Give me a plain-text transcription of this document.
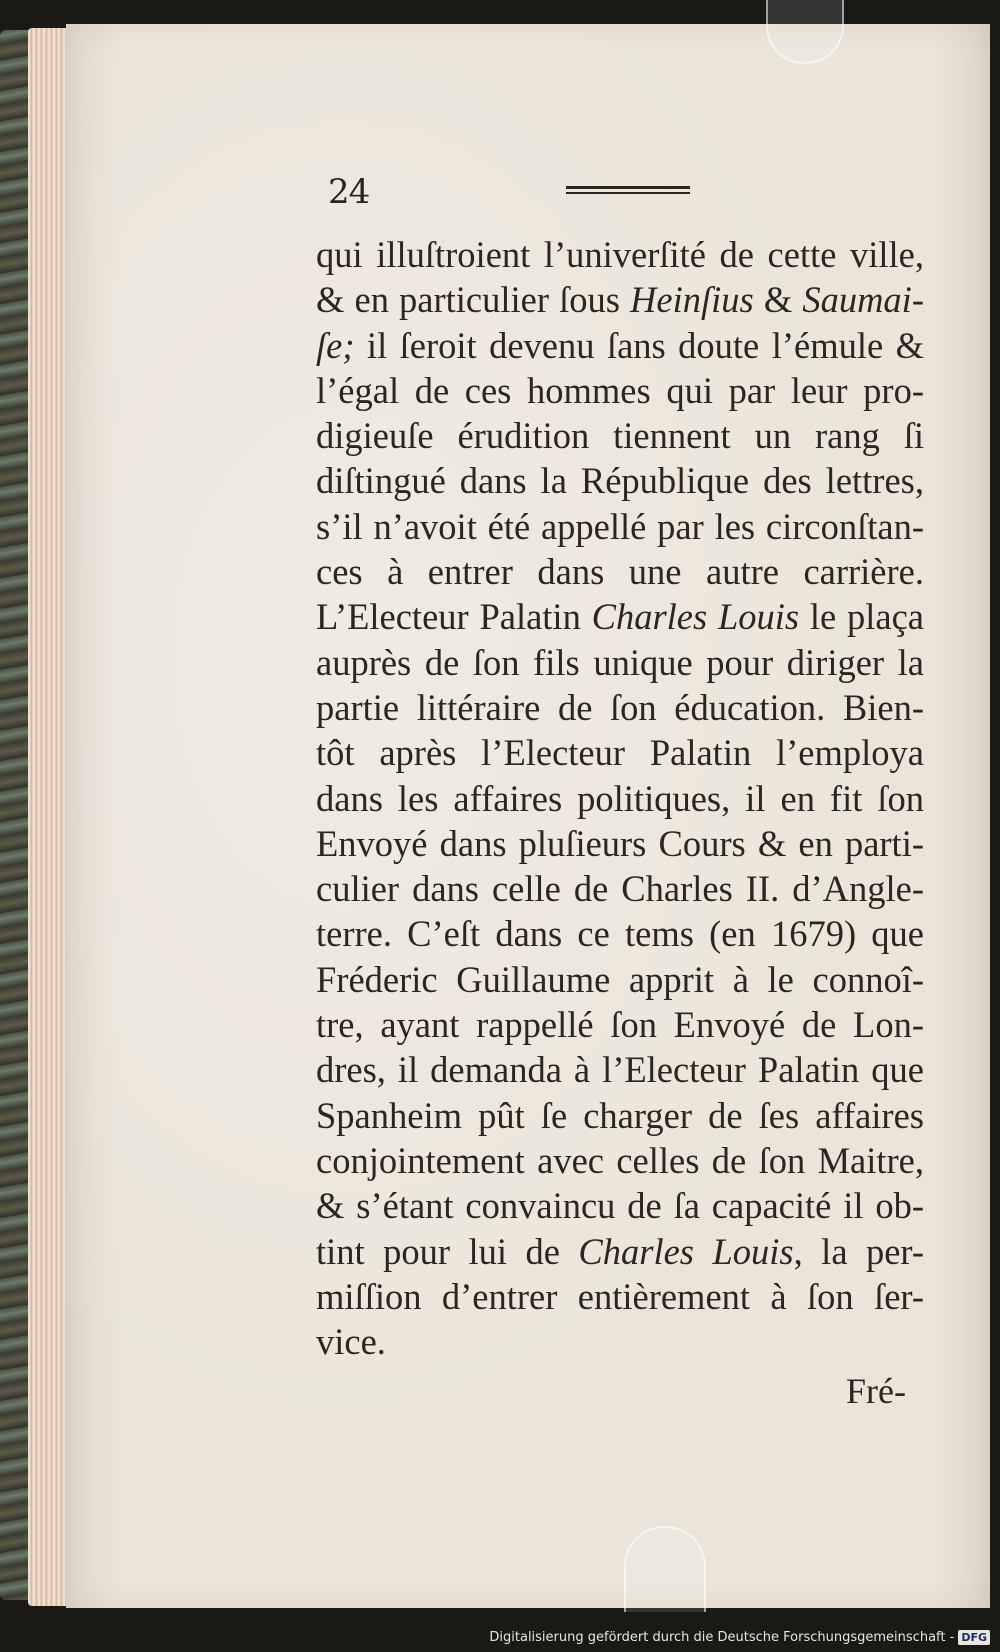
24
qui illuſtroient l’univerſité de cette ville,
& en particulier ſous Heinſius & Saumai-
ſe; il ſeroit devenu ſans doute l’émule &
l’égal de ces hommes qui par leur pro-
digieuſe érudition tiennent un rang ſi
diſtingué dans la République des lettres,
s’il n’avoit été appellé par les circonſtan-
ces à entrer dans une autre carrière.
L’Electeur Palatin Charles Louis le plaça
auprès de ſon fils unique pour diriger la
partie littéraire de ſon éducation. Bien-
tôt après l’Electeur Palatin l’employa
dans les affaires politiques, il en fit ſon
Envoyé dans pluſieurs Cours & en parti-
culier dans celle de Charles II. d’Angle-
terre. C’eſt dans ce tems (en 1679) que
Fréderic Guillaume apprit à le connoî-
tre, ayant rappellé ſon Envoyé de Lon-
dres, il demanda à l’Electeur Palatin que
Spanheim pût ſe charger de ſes affaires
conjointement avec celles de ſon Maitre,
& s’étant convaincu de ſa capacité il ob-
tint pour lui de Charles Louis, la per-
miſſion d’entrer entièrement à ſon ſer-
vice.
Fré-
Digitalisierung gefördert durch die Deutsche Forschungsgemeinschaft - DFG
